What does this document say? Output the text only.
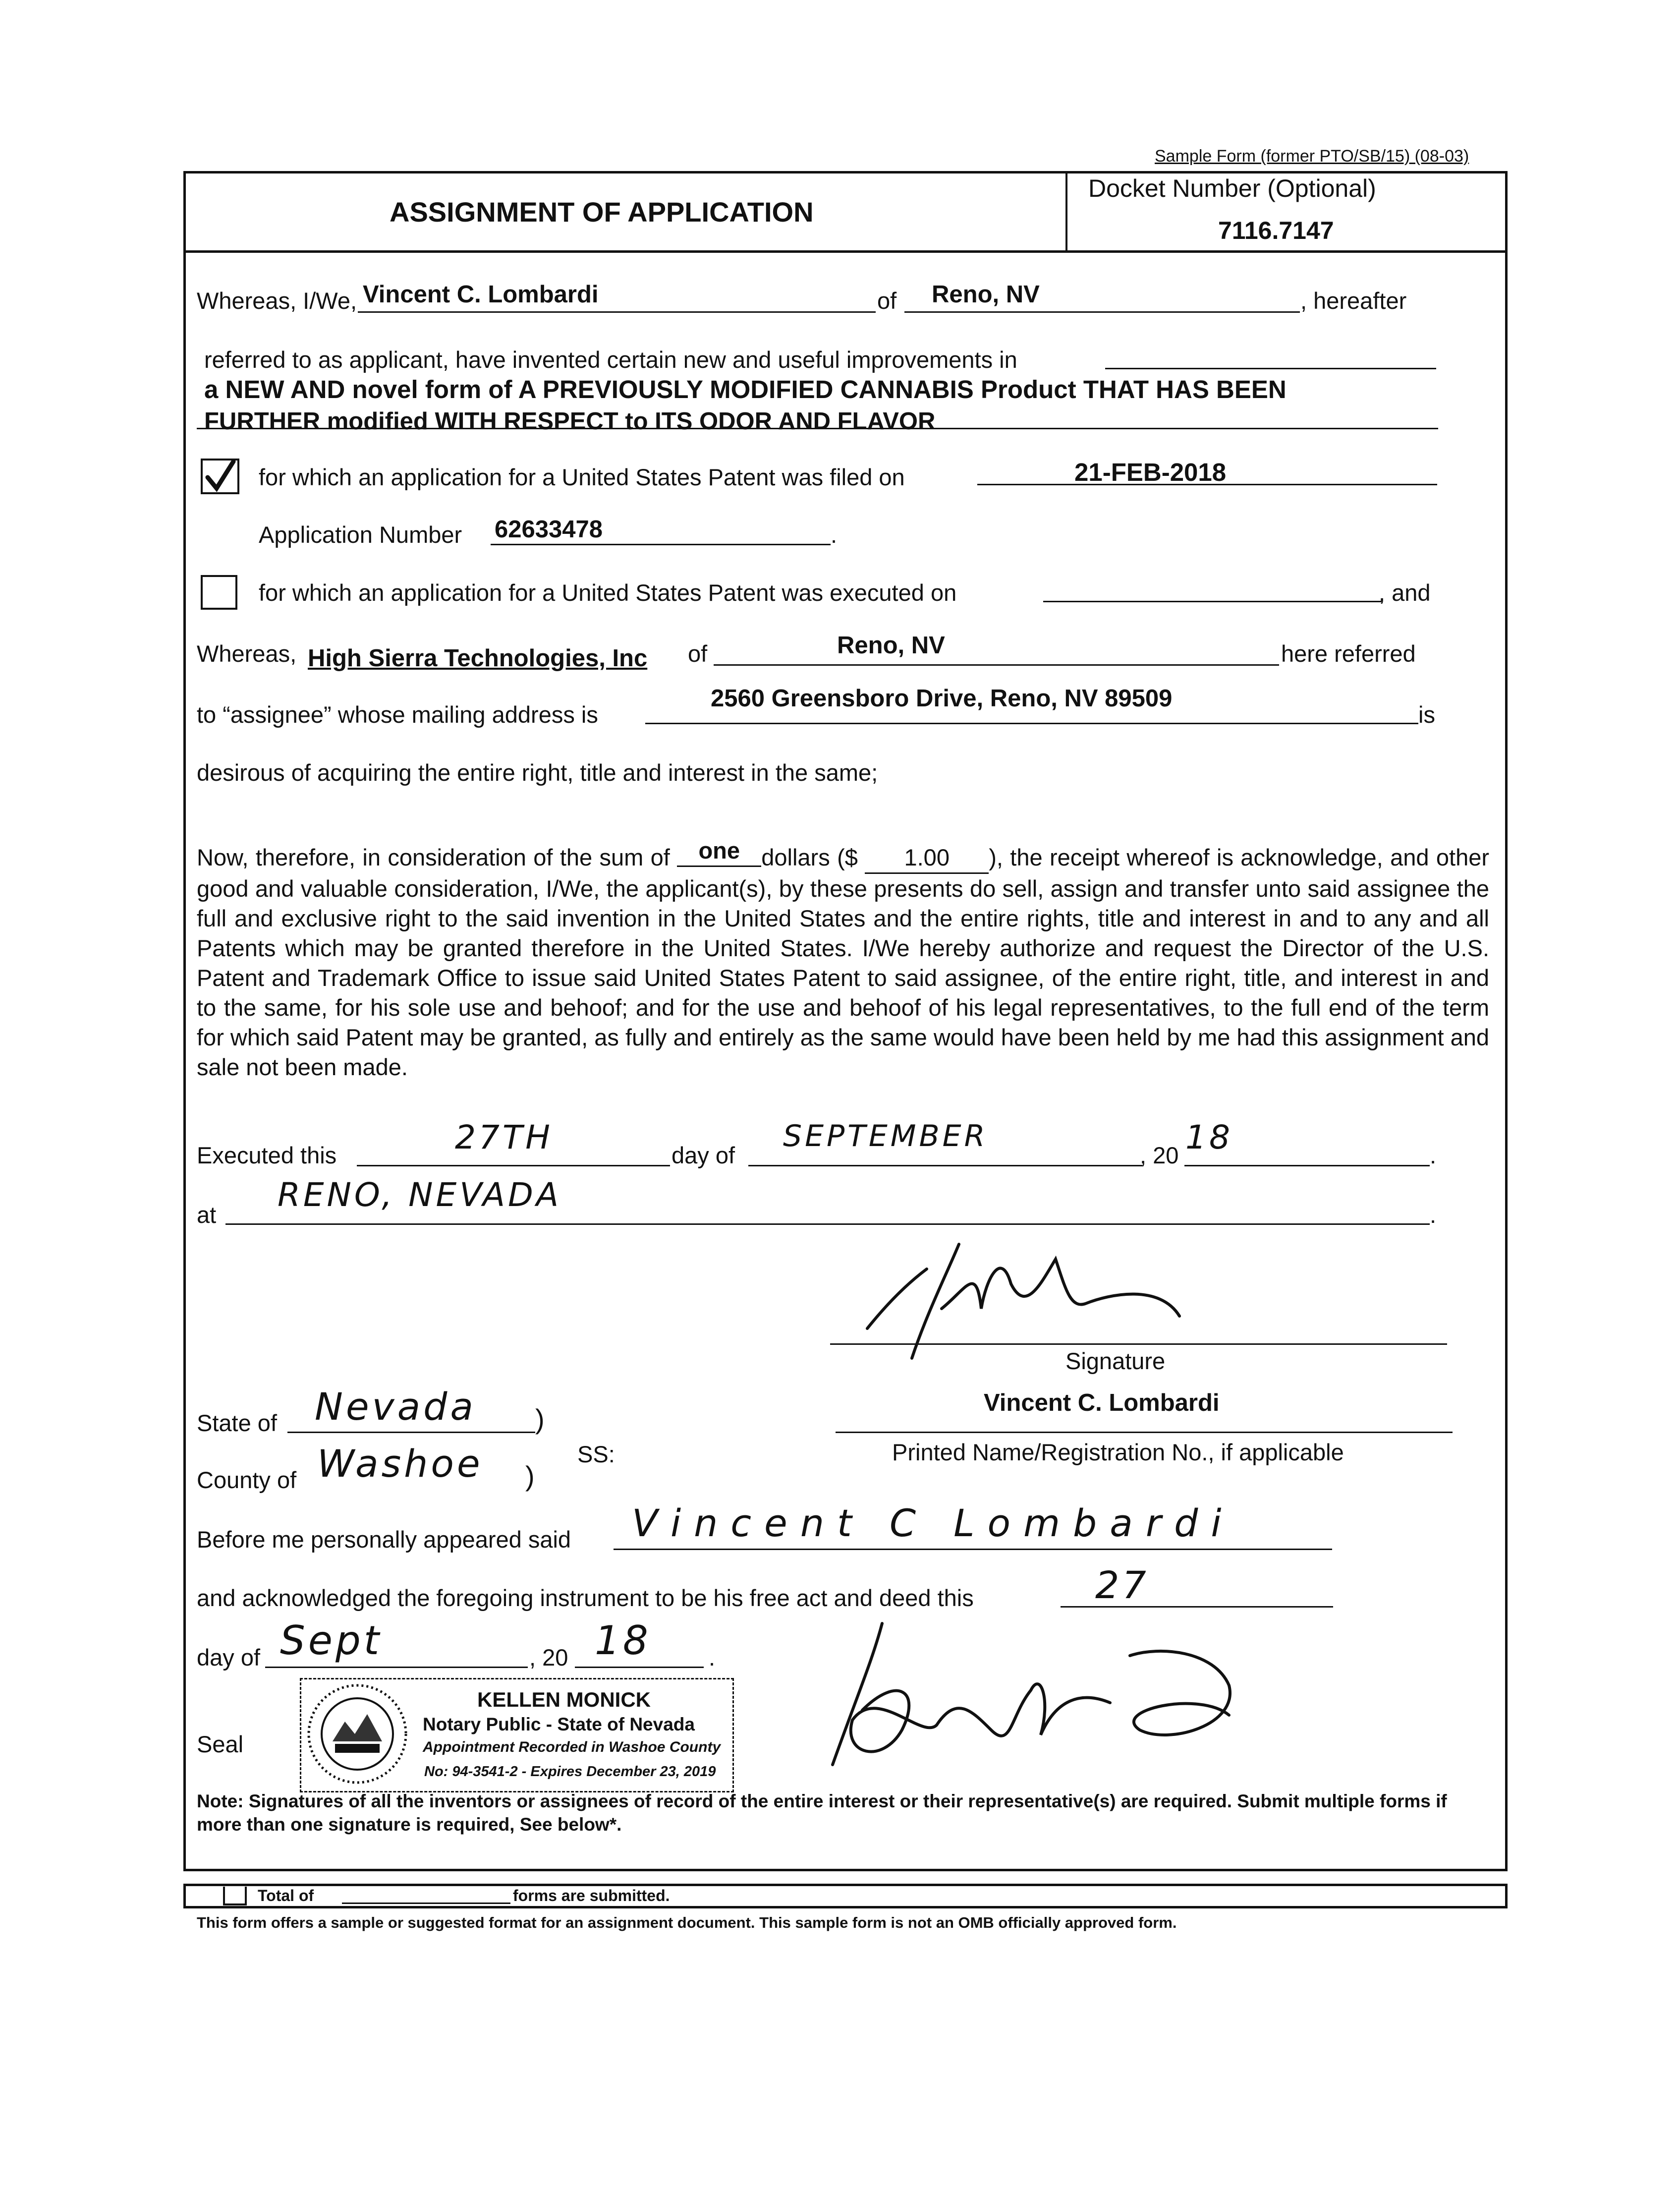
Sample Form (former PTO/SB/15) (08-03)
ASSIGNMENT OF APPLICATION
Docket Number (Optional)
7116.7147
Whereas, I/We, Vincent C. Lombardi	of Reno, NV	, hereafter
referred to as applicant, have invented certain new and useful improvements in
a NEW AND novel form of A PREVIOUSLY MODIFIED CANNABIS Product THAT HAS BEEN
FURTHER modified WITH RESPECT to ITS ODOR AND FLAVOR
for which an application for a United States Patent was filed on	21-FEB-2018
Application Number 62633478	.
for which an application for a United States Patent was executed on	, and
Whereas, High Sierra Technologies, Inc of	Reno, NV	here referred
to “assignee” whose mailing address is
2560 Greensboro Drive, Reno, NV 89509
is
desirous of acquiring the entire right, title and interest in the same;
Now, therefore, in consideration of the sum of one dollars ($ 1.00 ), the receipt whereof is acknowledge, and other good and valuable consideration, I/We, the applicant(s), by these presents do sell, assign and transfer unto said assignee the full and exclusive right to the said invention in the United States and the entire rights, title and interest in and to any and all Patents which may be granted therefore in the United States. I/We hereby authorize and request the Director of the U.S. Patent and Trademark Office to issue said United States Patent to said assignee, of the entire right, title, and interest in and to the same, for his sole use and behoof; and for the use and behoof of his legal representatives, to the full end of the term for which said Patent may be granted, as fully and entirely as the same would have been held by me had this assignment and sale not been made.
Executed this	27TH	day of
SEPTEMBER
, 20 18	.
at
RENO, NEVADA
.
Signature
Vincent C. Lombardi
Printed Name/Registration No., if applicable
State of Nevada )
SS:
County of Washoe )
Before me personally appeared said Vincent C Lombardi
and acknowledged the foregoing instrument to be his free act and deed this	27
day of Sept	, 20 18 .
Seal
KELLEN MONICK
Notary Public - State of Nevada
Appointment Recorded in Washoe County
No: 94-3541-2 - Expires December 23, 2019
Note: Signatures of all the inventors or assignees of record of the entire interest or their representative(s) are required. Submit multiple forms if
more than one signature is required, See below*.
Total of	forms are submitted.
This form offers a sample or suggested format for an assignment document. This sample form is not an OMB officially approved form.
